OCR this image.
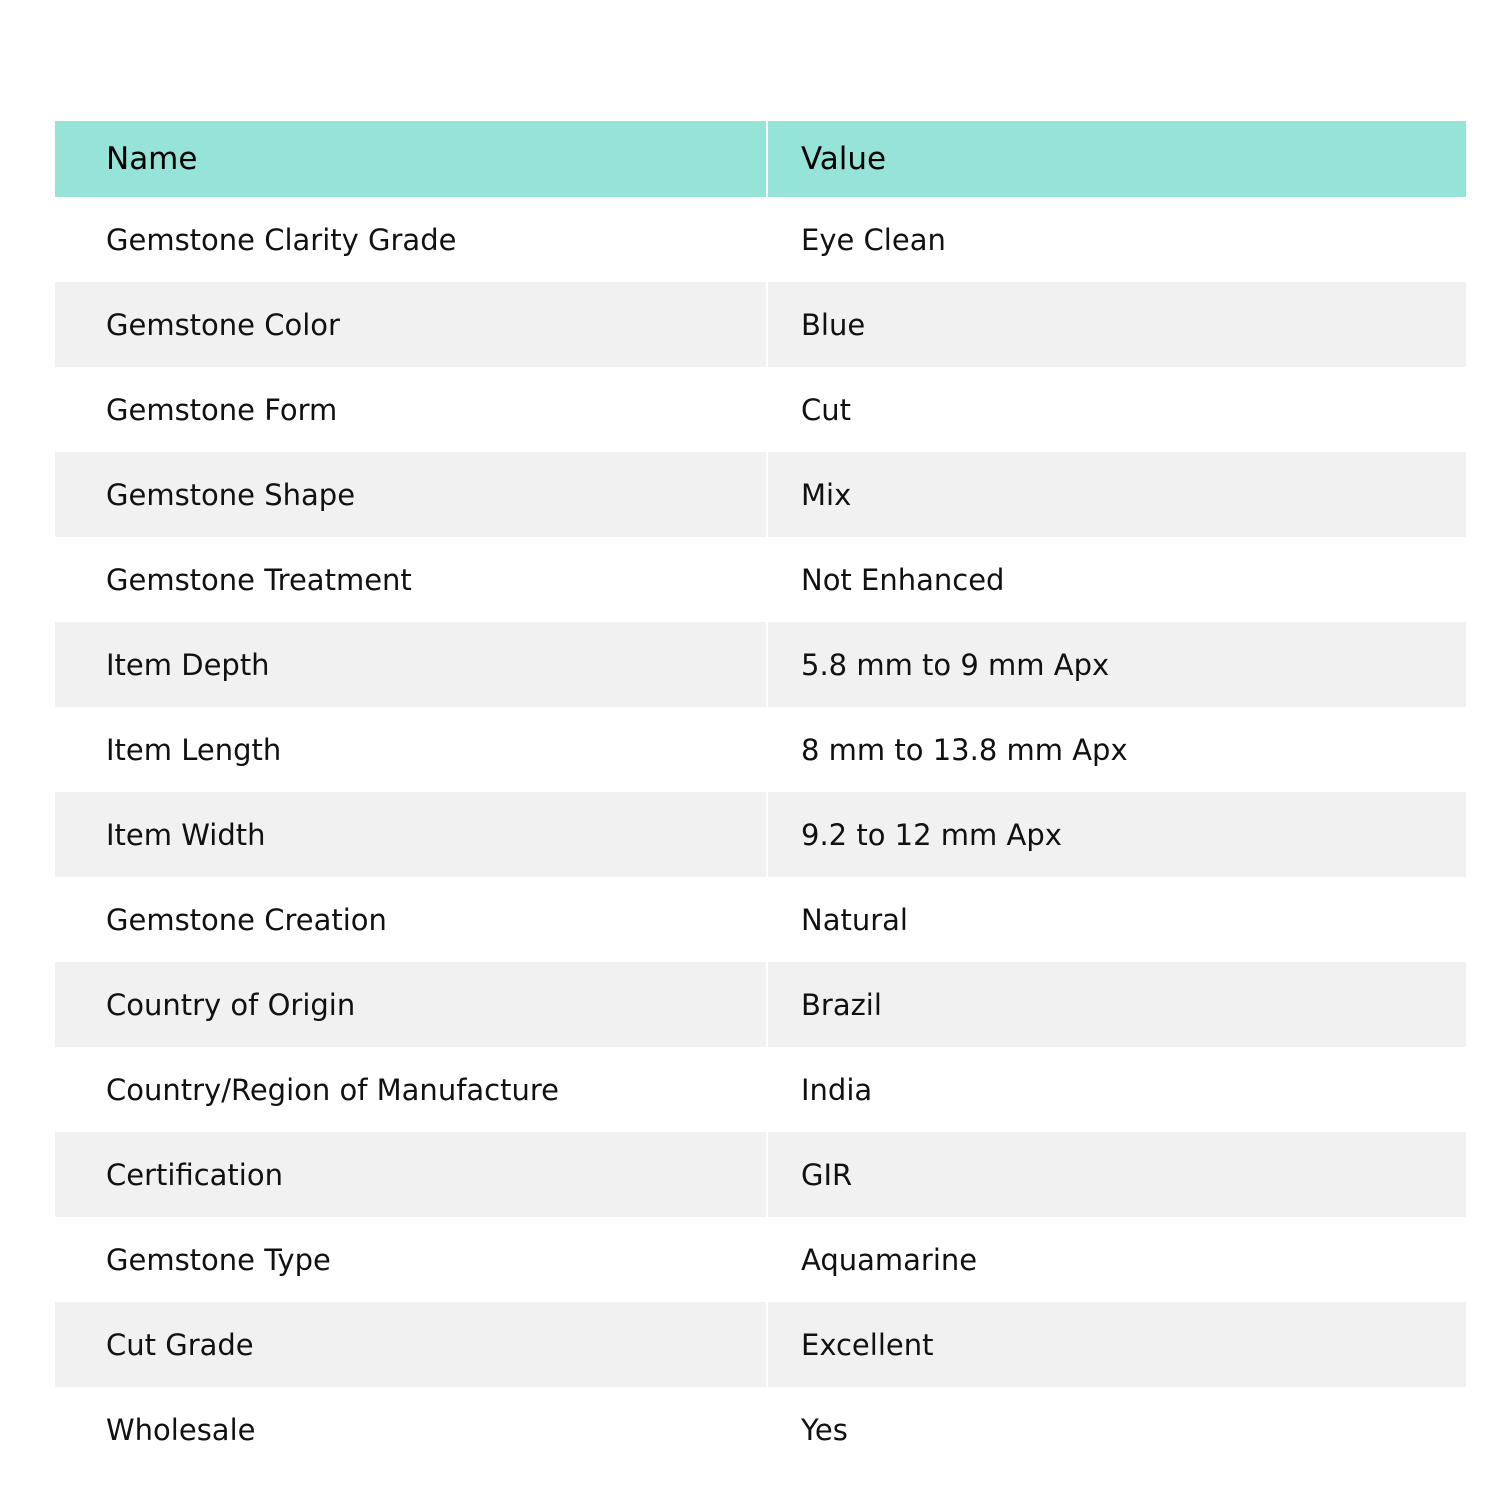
Name	Value
Gemstone Clarity Grade	Eye Clean
Gemstone Color	Blue
Gemstone Form	Cut
Gemstone Shape	Mix
Gemstone Treatment	Not Enhanced
Item Depth	5.8 mm to 9 mm Apx
Item Length	8 mm to 13.8 mm Apx
Item Width	9.2 to 12 mm Apx
Gemstone Creation	Natural
Country of Origin	Brazil
Country/Region of Manufacture	India
Certification	GIR
Gemstone Type	Aquamarine
Cut Grade	Excellent
Wholesale	Yes
